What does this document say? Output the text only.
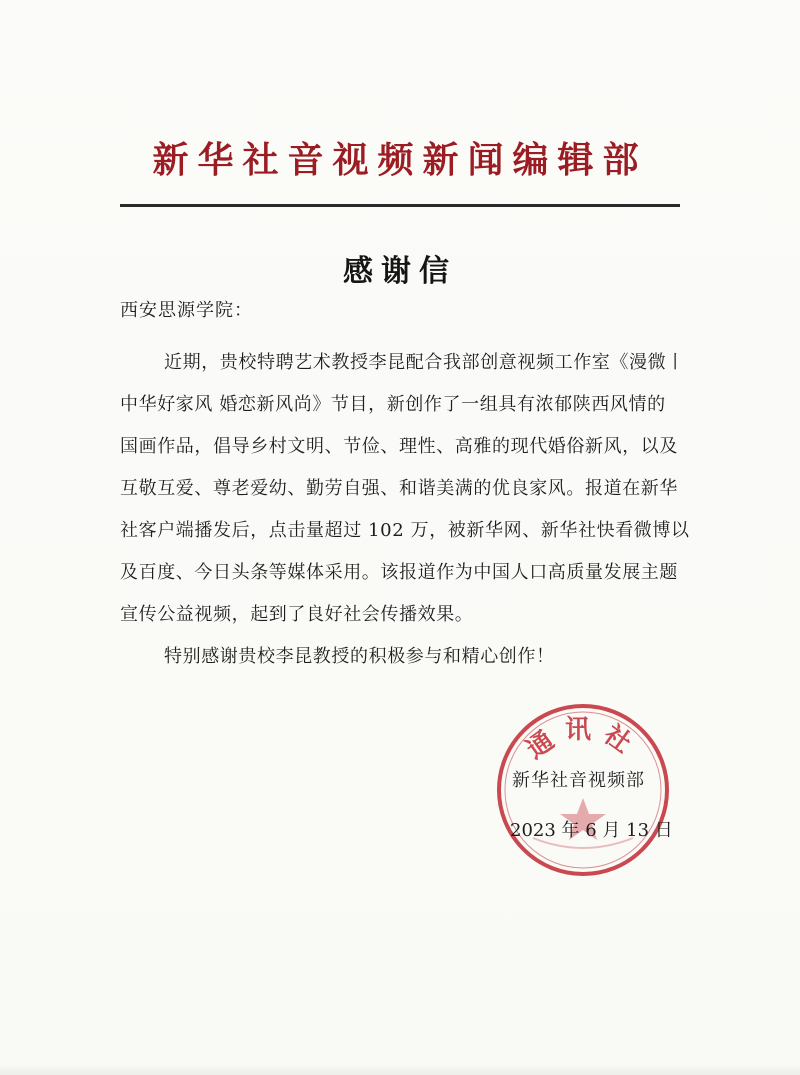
新华社音视频新闻编辑部
感谢信
西安思源学院：
近期，贵校特聘艺术教授李昆配合我部创意视频工作室《漫微丨
中华好家风 婚恋新风尚》节目，新创作了一组具有浓郁陕西风情的
国画作品，倡导乡村文明、节俭、理性、高雅的现代婚俗新风，以及
互敬互爱、尊老爱幼、勤劳自强、和谐美满的优良家风。报道在新华
社客户端播发后，点击量超过 102 万，被新华网、新华社快看微博以
及百度、今日头条等媒体采用。该报道作为中国人口高质量发展主题
宣传公益视频，起到了良好社会传播效果。
特别感谢贵校李昆教授的积极参与和精心创作！
通讯社
新华社音视频部
2023 年 6 月 13 日
